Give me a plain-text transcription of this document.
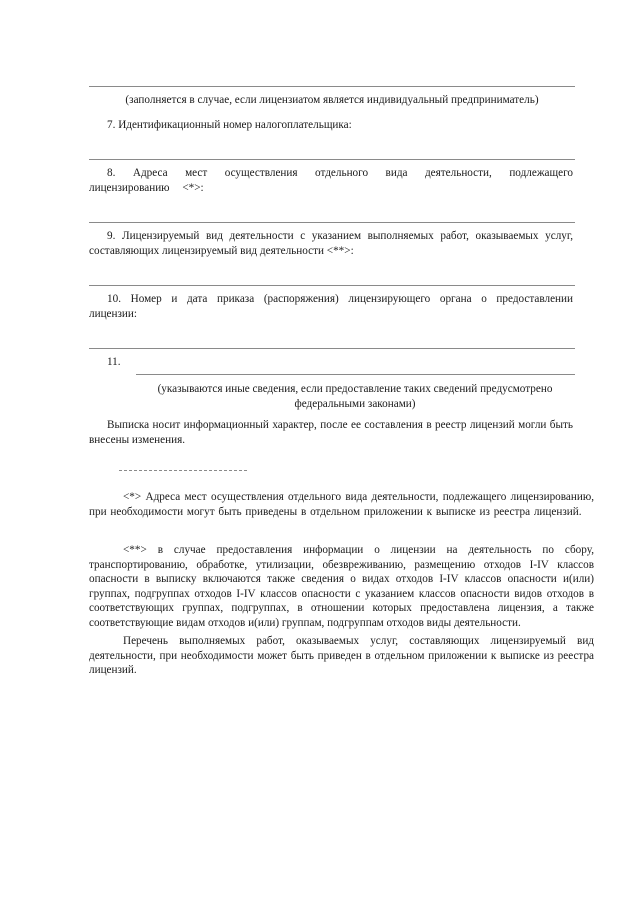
(заполняется в случае, если лицензиатом является индивидуальный предприниматель)

7. Идентификационный номер налогоплательщика:

8. Адреса мест осуществления отдельного вида деятельности, подлежащего лицензированию <*>:

9. Лицензируемый вид деятельности с указанием выполняемых работ, оказываемых услуг, составляющих лицензируемый вид деятельности <**>:

10. Номер и дата приказа (распоряжения) лицензирующего органа о предоставлении лицензии:

11.

(указываются иные сведения, если предоставление таких сведений предусмотрено федеральными законами)

Выписка носит информационный характер, после ее составления в реестр лицензий могли быть внесены изменения.

<*> Адреса мест осуществления отдельного вида деятельности, подлежащего лицензированию, при необходимости могут быть приведены в отдельном приложении к выписке из реестра лицензий.

<**> в случае предоставления информации о лицензии на деятельность по сбору, транспортированию, обработке, утилизации, обезвреживанию, размещению отходов I-IV классов опасности в выписку включаются также сведения о видах отходов I-IV классов опасности и(или) группах, подгруппах отходов I-IV классов опасности с указанием классов опасности видов отходов в соответствующих группах, подгруппах, в отношении которых предоставлена лицензия, а также соответствующие видам отходов и(или) группам, подгруппам отходов виды деятельности.

Перечень выполняемых работ, оказываемых услуг, составляющих лицензируемый вид деятельности, при необходимости может быть приведен в отдельном приложении к выписке из реестра лицензий.
